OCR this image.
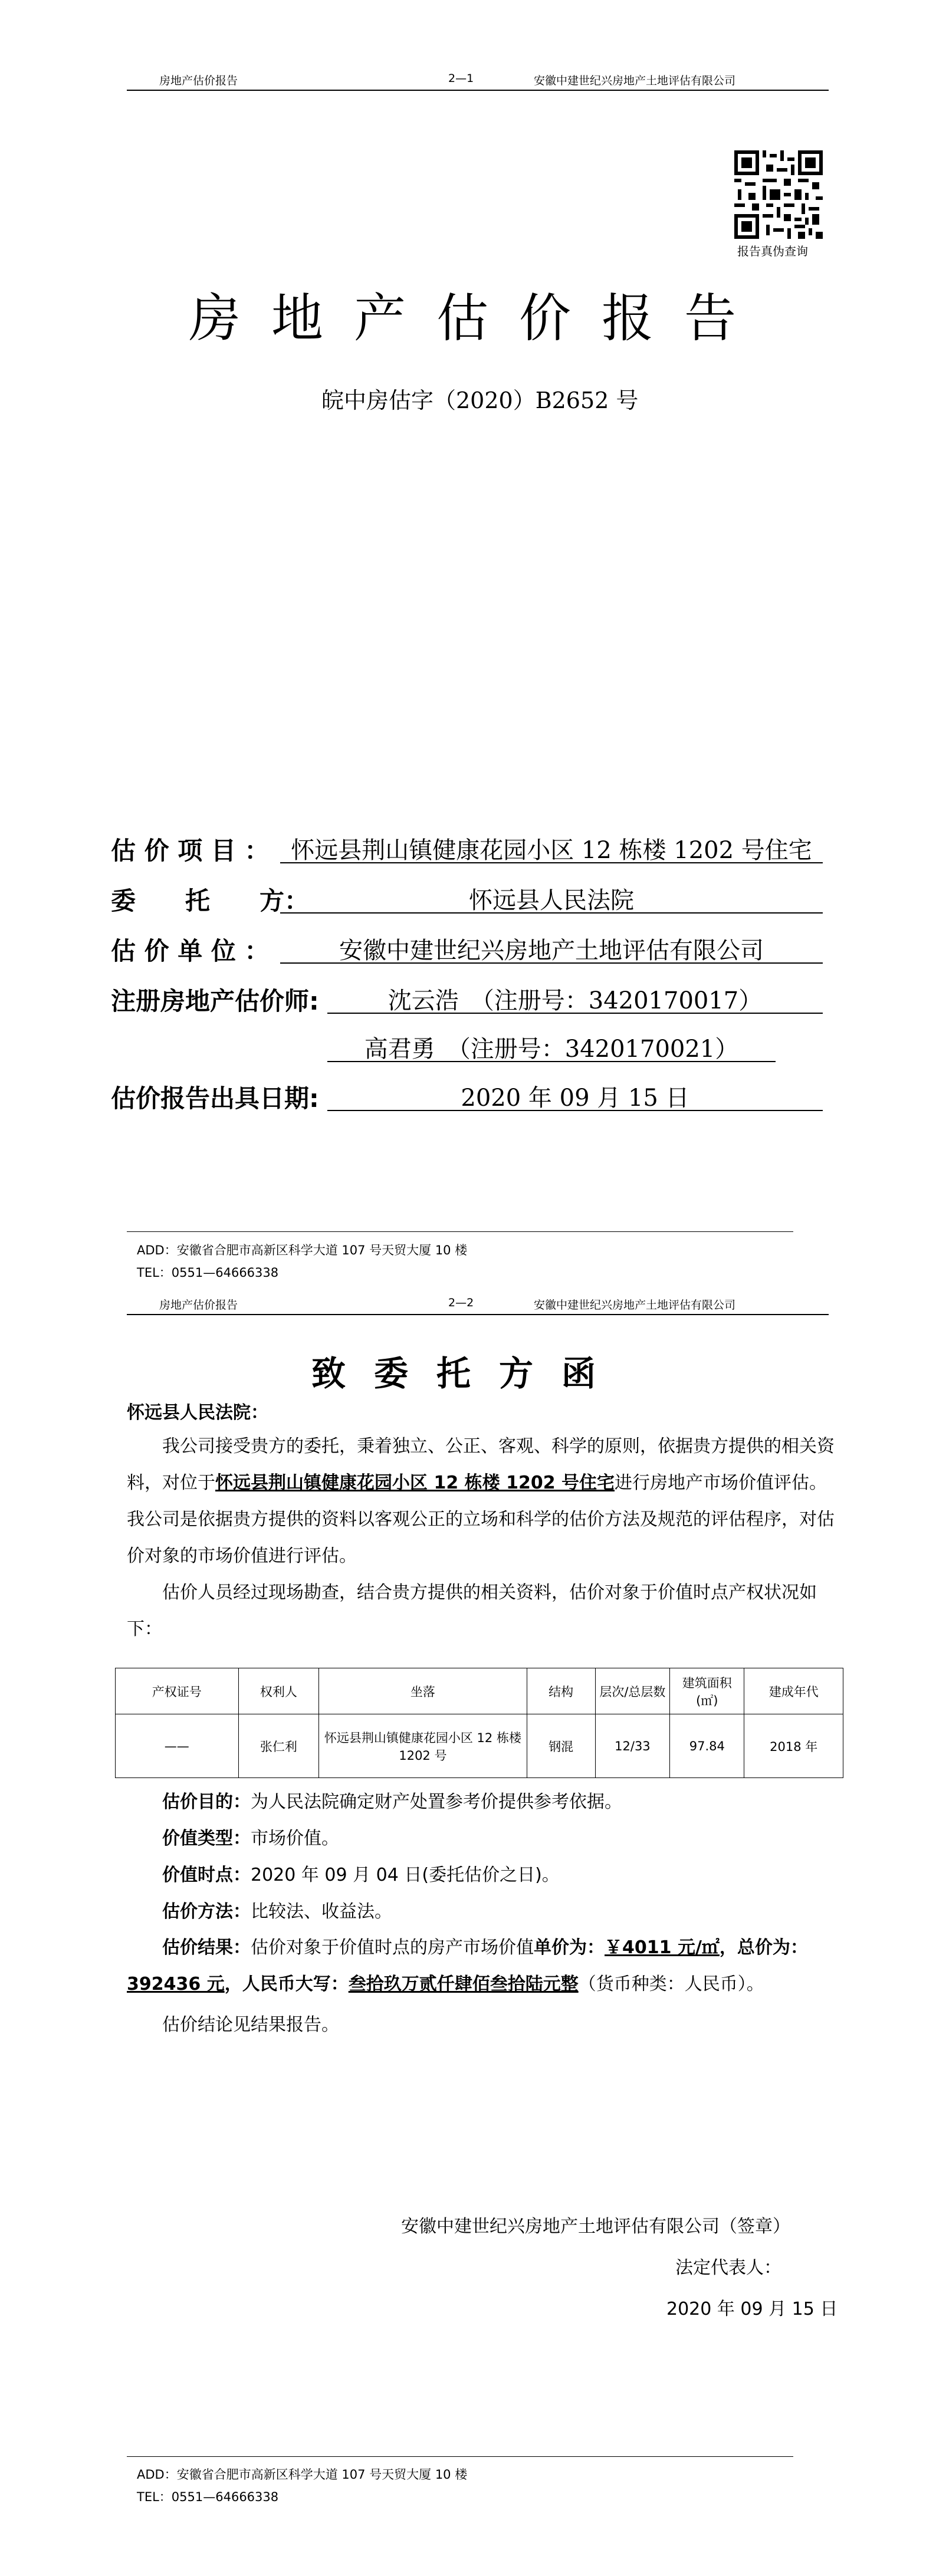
房地产估价报告	2—1	安徽中建世纪兴房地产土地评估有限公司
报告真伪查询
房地产估价报告
皖中房估字（2020）B2652 号
估 价 项 目 ： 怀远县荆山镇健康花园小区 12 栋楼 1202 号住宅
委　　托　　方：	怀远县人民法院
估 价 单 位 ：	安徽中建世纪兴房地产土地评估有限公司
注册房地产估价师:	沈云浩　（注册号：3420170017）
高君勇　（注册号：3420170021）
估价报告出具日期:	2020 年 09 月 15 日
ADD：安徽省合肥市高新区科学大道 107 号天贸大厦 10 楼
TEL：0551—64666338
房地产估价报告	2—2	安徽中建世纪兴房地产土地评估有限公司
致委托方函
怀远县人民法院：
我公司接受贵方的委托，秉着独立、公正、客观、科学的原则，依据贵方提供的相关资料，对位于怀远县荆山镇健康花园小区 12 栋楼 1202 号住宅进行房地产市场价值评估。我公司是依据贵方提供的资料以客观公正的立场和科学的估价方法及规范的评估程序，对估价对象的市场价值进行评估。
估价人员经过现场勘查，结合贵方提供的相关资料，估价对象于价值时点产权状况如下：
产权证号	权利人	坐落	结构	层次/总层数	建筑面积(㎡)	建成年代
——	张仁利	怀远县荆山镇健康花园小区 12 栋楼 1202 号	钢混	12/33	97.84	2018 年
估价目的：为人民法院确定财产处置参考价提供参考依据。
价值类型：市场价值。
价值时点：2020 年 09 月 04 日(委托估价之日)。
估价方法：比较法、收益法。
估价结果：估价对象于价值时点的房产市场价值单价为：￥4011 元/㎡，总价为：392436 元，人民币大写：叁拾玖万贰仟肆佰叁拾陆元整（货币种类：人民币）。
估价结论见结果报告。
安徽中建世纪兴房地产土地评估有限公司（签章）
法定代表人：
2020 年 09 月 15 日
ADD：安徽省合肥市高新区科学大道 107 号天贸大厦 10 楼
TEL：0551—64666338
